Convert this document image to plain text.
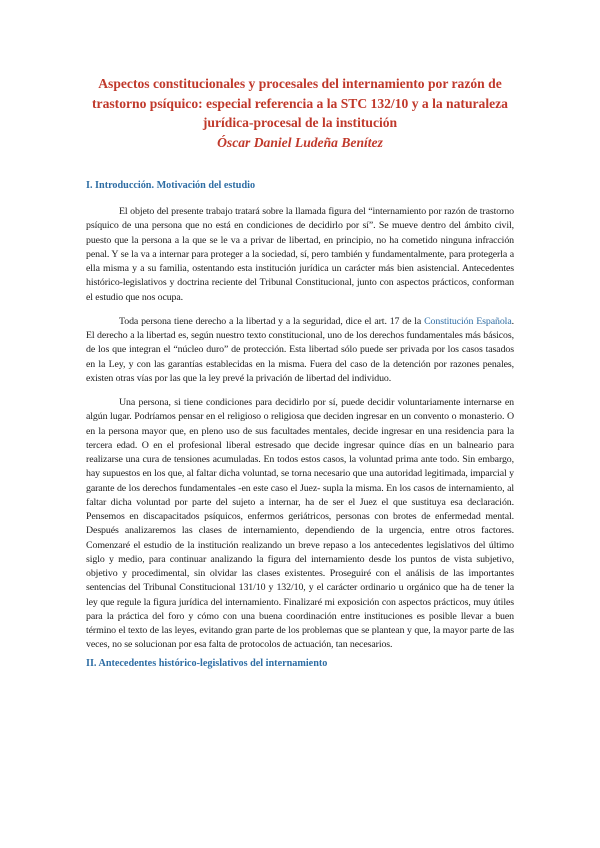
Aspectos constitucionales y procesales del internamiento por razón de trastorno psíquico: especial referencia a la STC 132/10 y a la naturaleza jurídica-procesal de la institución

Óscar Daniel Ludeña Benítez

I. Introducción. Motivación del estudio

El objeto del presente trabajo tratará sobre la llamada figura del “internamiento por razón de trastorno psíquico de una persona que no está en condiciones de decidirlo por sí”. Se mueve dentro del ámbito civil, puesto que la persona a la que se le va a privar de libertad, en principio, no ha cometido ninguna infracción penal. Y se la va a internar para proteger a la sociedad, sí, pero también y fundamentalmente, para protegerla a ella misma y a su familia, ostentando esta institución jurídica un carácter más bien asistencial. Antecedentes histórico-legislativos y doctrina reciente del Tribunal Constitucional, junto con aspectos prácticos, conforman el estudio que nos ocupa.

Toda persona tiene derecho a la libertad y a la seguridad, dice el art. 17 de la Constitución Española. El derecho a la libertad es, según nuestro texto constitucional, uno de los derechos fundamentales más básicos, de los que integran el “núcleo duro” de protección. Esta libertad sólo puede ser privada por los casos tasados en la Ley, y con las garantías establecidas en la misma. Fuera del caso de la detención por razones penales, existen otras vías por las que la ley prevé la privación de libertad del individuo.

Una persona, si tiene condiciones para decidirlo por sí, puede decidir voluntariamente internarse en algún lugar. Podríamos pensar en el religioso o religiosa que deciden ingresar en un convento o monasterio. O en la persona mayor que, en pleno uso de sus facultades mentales, decide ingresar en una residencia para la tercera edad. O en el profesional liberal estresado que decide ingresar quince días en un balneario para realizarse una cura de tensiones acumuladas. En todos estos casos, la voluntad prima ante todo. Sin embargo, hay supuestos en los que, al faltar dicha voluntad, se torna necesario que una autoridad legitimada, imparcial y garante de los derechos fundamentales -en este caso el Juez- supla la misma. En los casos de internamiento, al faltar dicha voluntad por parte del sujeto a internar, ha de ser el Juez el que sustituya esa declaración. Pensemos en discapacitados psíquicos, enfermos geriátricos, personas con brotes de enfermedad mental. Después analizaremos las clases de internamiento, dependiendo de la urgencia, entre otros factores. Comenzaré el estudio de la institución realizando un breve repaso a los antecedentes legislativos del último siglo y medio, para continuar analizando la figura del internamiento desde los puntos de vista subjetivo, objetivo y procedimental, sin olvidar las clases existentes. Proseguiré con el análisis de las importantes sentencias del Tribunal Constitucional 131/10 y 132/10, y el carácter ordinario u orgánico que ha de tener la ley que regule la figura jurídica del internamiento. Finalizaré mi exposición con aspectos prácticos, muy útiles para la práctica del foro y cómo con una buena coordinación entre instituciones es posible llevar a buen término el texto de las leyes, evitando gran parte de los problemas que se plantean y que, la mayor parte de las veces, no se solucionan por esa falta de protocolos de actuación, tan necesarios.

II. Antecedentes histórico-legislativos del internamiento
